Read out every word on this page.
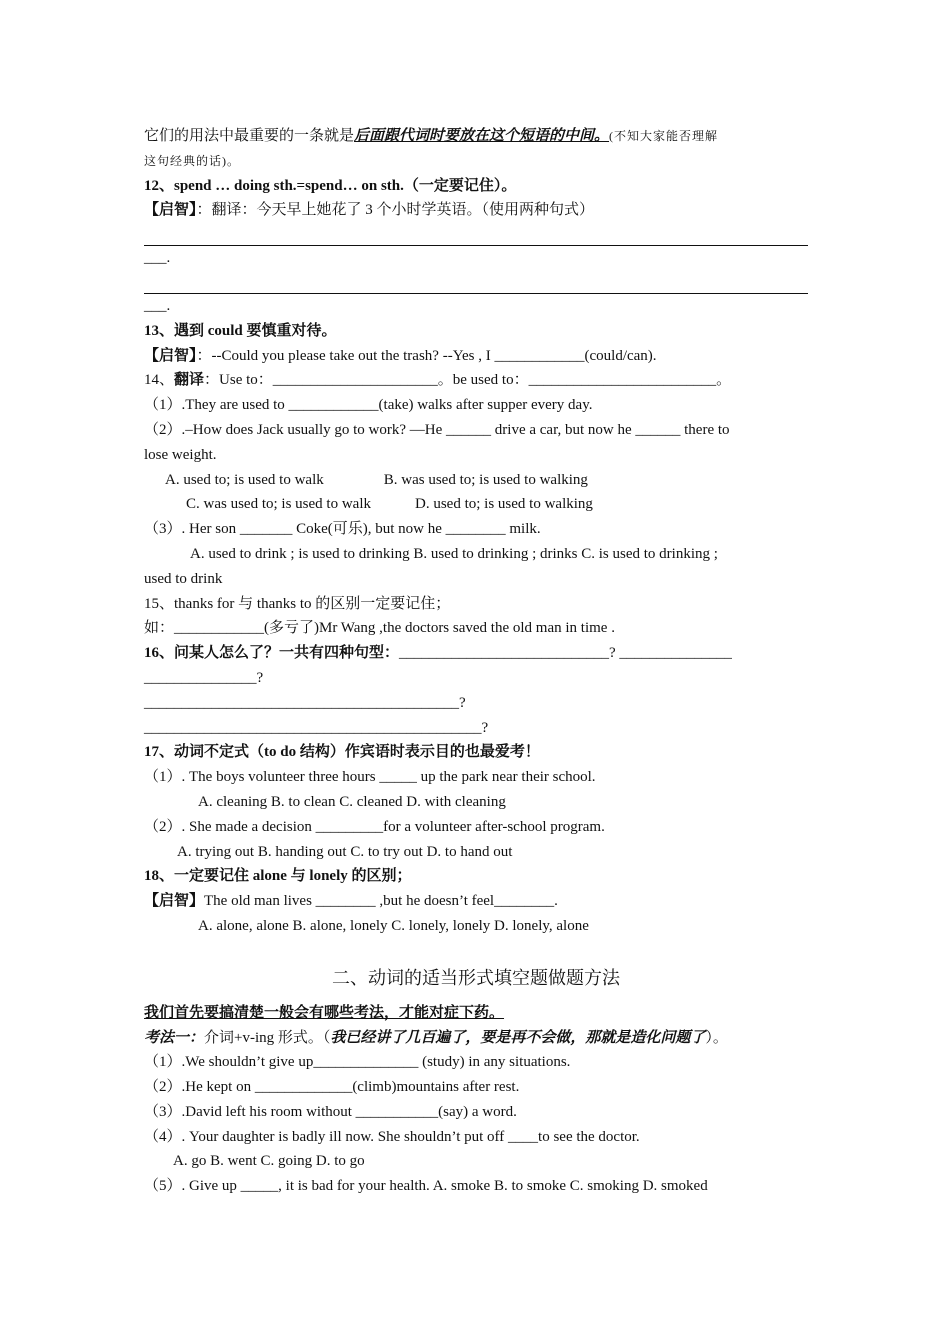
它们的用法中最重要的一条就是后面跟代词时要放在这个短语的中间。(不知大家能否理解
这句经典的话)。
12、spend … doing sth.=spend… on sth.（一定要记住）。
【启智】：翻译：今天早上她花了 3 个小时学英语。（使用两种句式）
___.
___.
13、遇到 could 要慎重对待。
【启智】：--Could you please take out the trash? --Yes , I ____________(could/can).
14、翻译：Use to：______________________。be used to：_________________________。
（1）.They are used to ____________(take) walks after supper every day.
（2）.–How does Jack usually go to work? —He ______ drive a car, but now he ______ there to
lose weight.
A. used to; is used to walk	B. was used to; is used to walking
C. was used to; is used to walk	D. used to; is used to walking
（3）. Her son _______ Coke(可乐), but now he ________ milk.
A. used to drink ; is used to drinking B. used to drinking ; drinks C. is used to drinking ;
used to drink
15、thanks for 与 thanks to 的区别一定要记住；
如：____________(多亏了)Mr Wang ,the doctors saved the old man in time .
16、问某人怎么了？一共有四种句型：____________________________? _______________
_______________?
__________________________________________?
_____________________________________________?
17、动词不定式（to do 结构）作宾语时表示目的也最爱考！
（1）. The boys volunteer three hours _____ up the park near their school.
A. cleaning B. to clean C. cleaned D. with cleaning
（2）. She made a decision _________for a volunteer after-school program.
A. trying out B. handing out C. to try out D. to hand out
18、一定要记住 alone 与 lonely 的区别；
【启智】The old man lives ________ ,but he doesn’t feel________.
A. alone, alone B. alone, lonely C. lonely, lonely D. lonely, alone
二、动词的适当形式填空题做题方法
我们首先要搞清楚一般会有哪些考法，才能对症下药。
考法一：介词+v-ing 形式。（我已经讲了几百遍了，要是再不会做，那就是造化问题了）。
（1）.We shouldn’t give up______________ (study) in any situations.
（2）.He kept on _____________(climb)mountains after rest.
（3）.David left his room without ___________(say) a word.
（4）. Your daughter is badly ill now. She shouldn’t put off ____to see the doctor.
A. go B. went C. going D. to go
（5）. Give up _____, it is bad for your health. A. smoke B. to smoke C. smoking D. smoked
